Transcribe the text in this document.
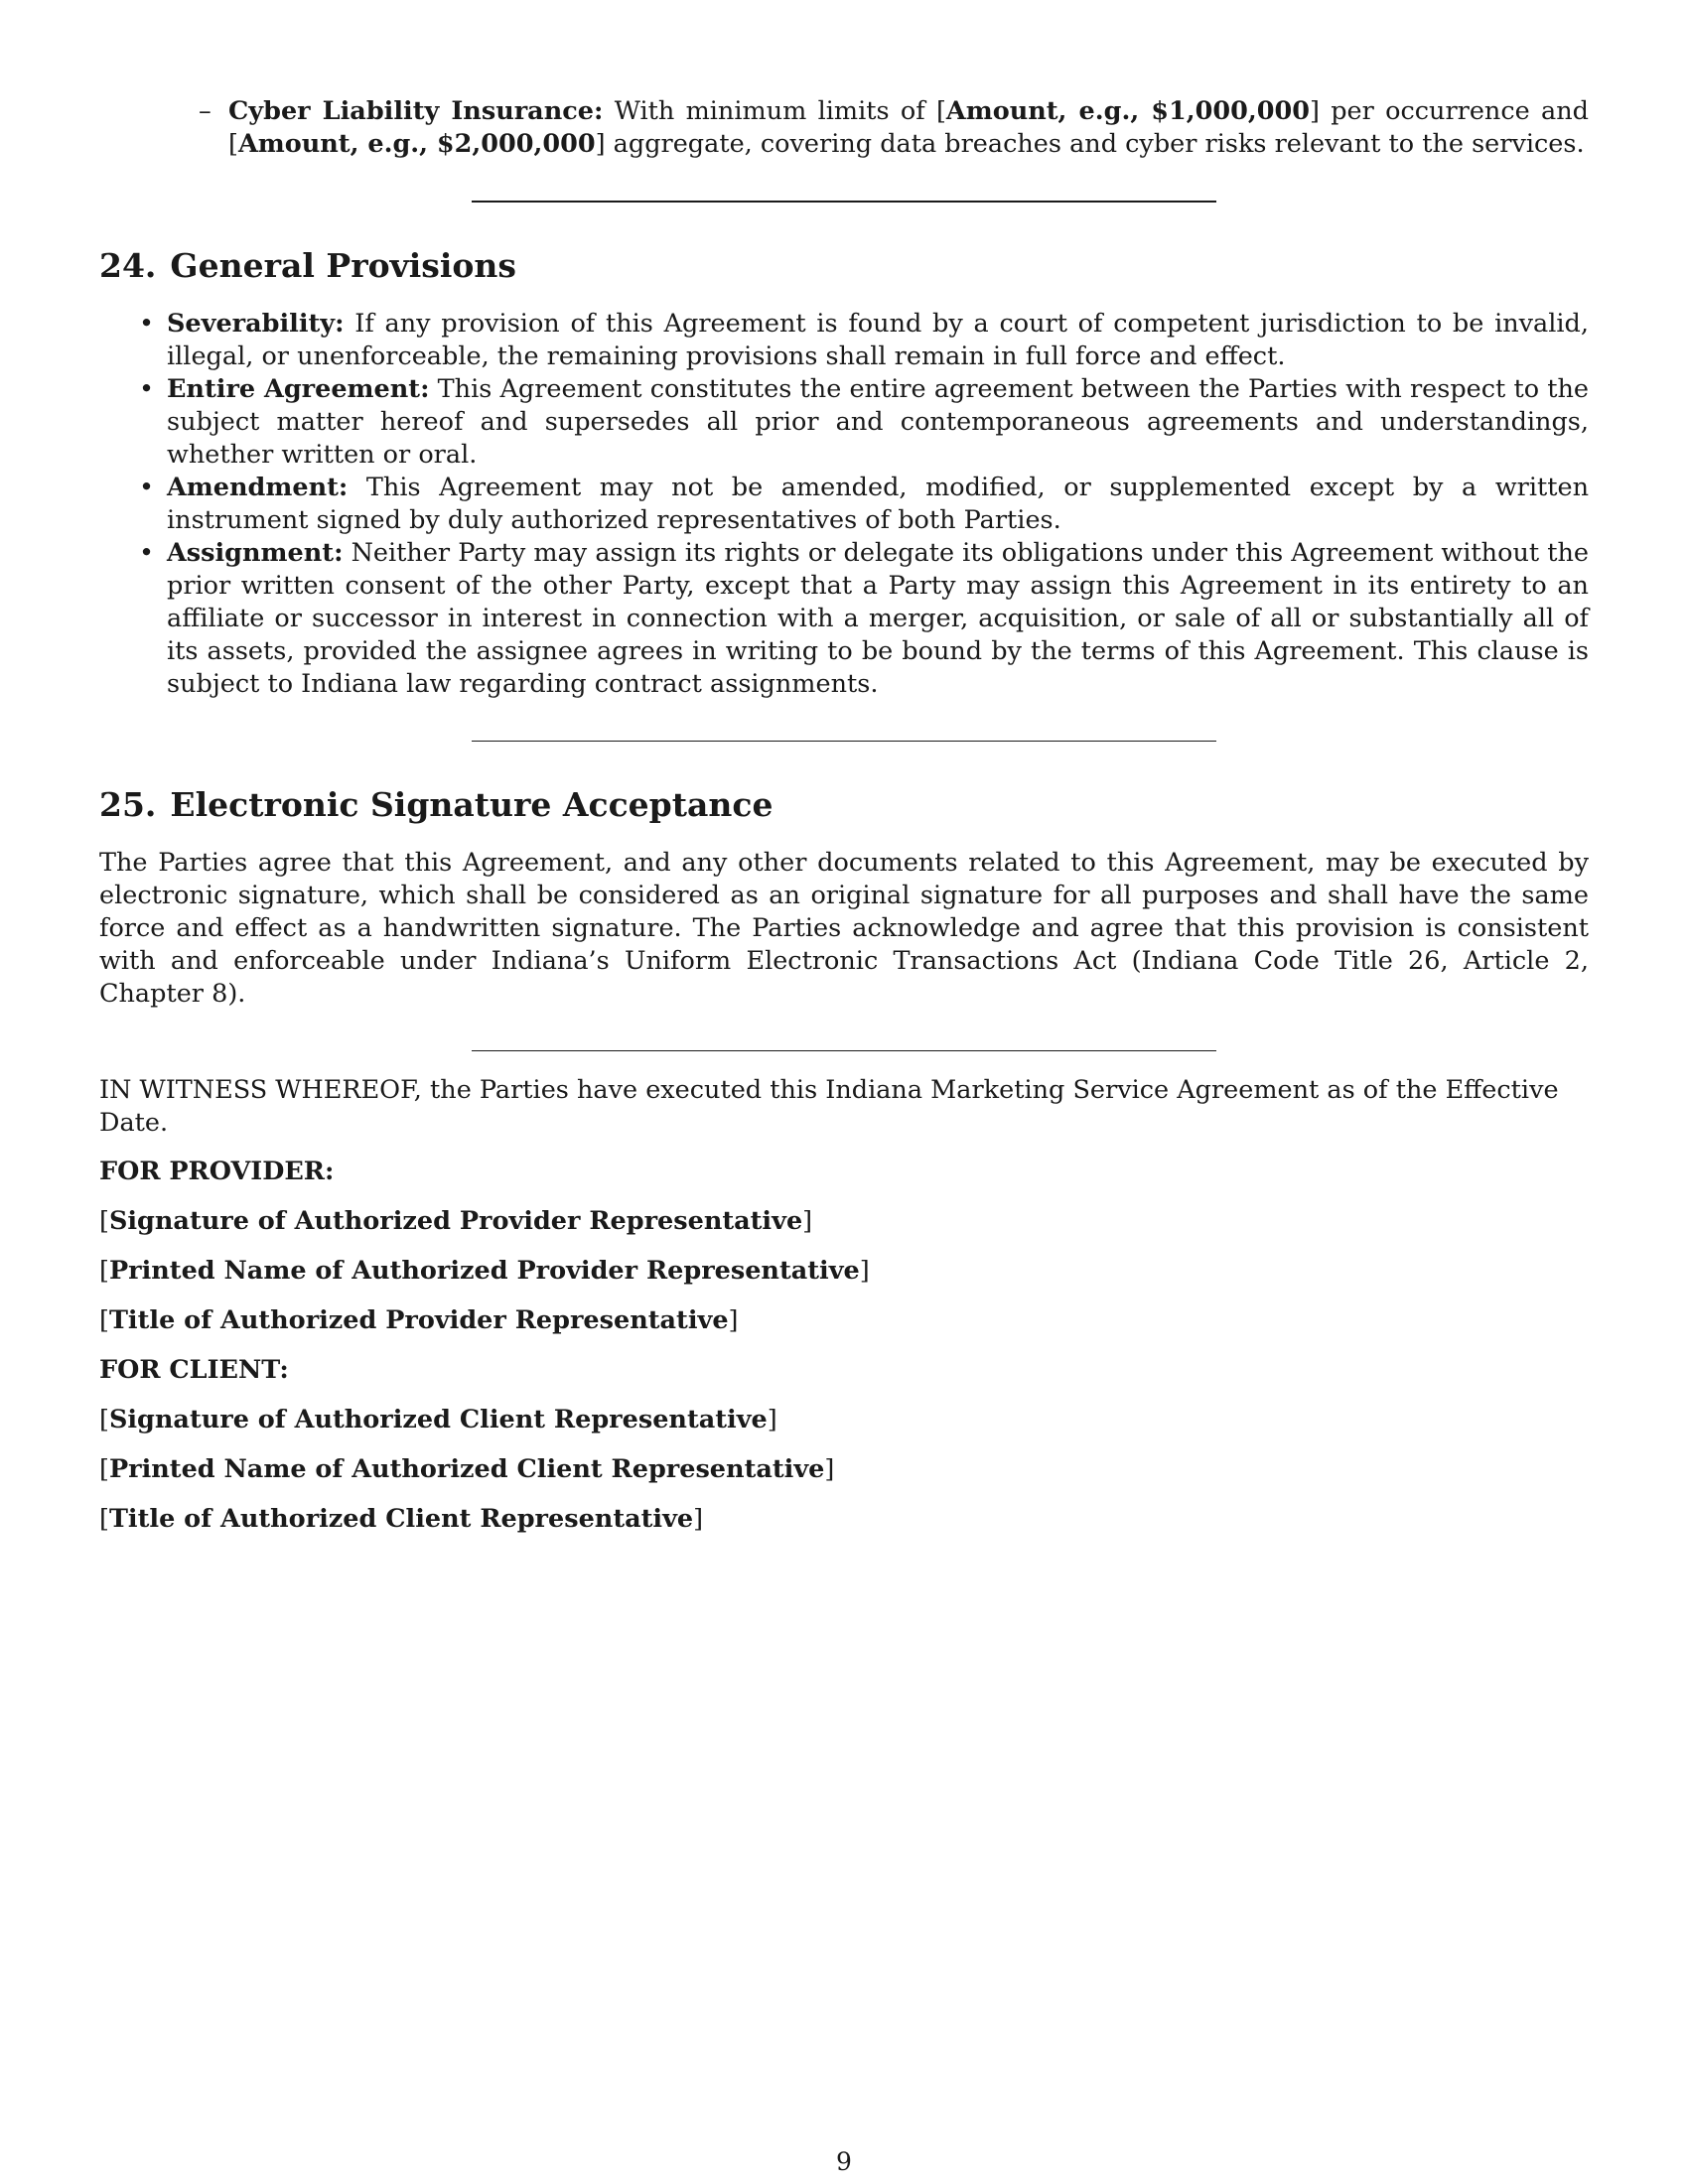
– Cyber Liability Insurance: With minimum limits of [Amount, e.g., $1,000,000] per occurrence and [Amount, e.g., $2,000,000] aggregate, covering data breaches and cyber risks relevant to the services.
24. General Provisions
• Severability: If any provision of this Agreement is found by a court of competent jurisdiction to be invalid, illegal, or unenforceable, the remaining provisions shall remain in full force and effect.
• Entire Agreement: This Agreement constitutes the entire agreement between the Parties with respect to the subject matter hereof and supersedes all prior and contemporaneous agreements and understandings, whether written or oral.
• Amendment: This Agreement may not be amended, modified, or supplemented except by a written instrument signed by duly authorized representatives of both Parties.
• Assignment: Neither Party may assign its rights or delegate its obligations under this Agreement without the prior written consent of the other Party, except that a Party may assign this Agreement in its entirety to an affiliate or successor in interest in connection with a merger, acquisition, or sale of all or substantially all of its assets, provided the assignee agrees in writing to be bound by the terms of this Agreement. This clause is subject to Indiana law regarding contract assignments.
25. Electronic Signature Acceptance

The Parties agree that this Agreement, and any other documents related to this Agreement, may be executed by electronic signature, which shall be considered as an original signature for all purposes and shall have the same force and effect as a handwritten signature. The Parties acknowledge and agree that this provision is consistent with and enforceable under Indiana’s Uniform Electronic Transactions Act (Indiana Code Title 26, Article 2, Chapter 8).

IN WITNESS WHEREOF, the Parties have executed this Indiana Marketing Service Agreement as of the Effective Date.

FOR PROVIDER:

[Signature of Authorized Provider Representative]

[Printed Name of Authorized Provider Representative]

[Title of Authorized Provider Representative]

FOR CLIENT:

[Signature of Authorized Client Representative]

[Printed Name of Authorized Client Representative]

[Title of Authorized Client Representative]

9
